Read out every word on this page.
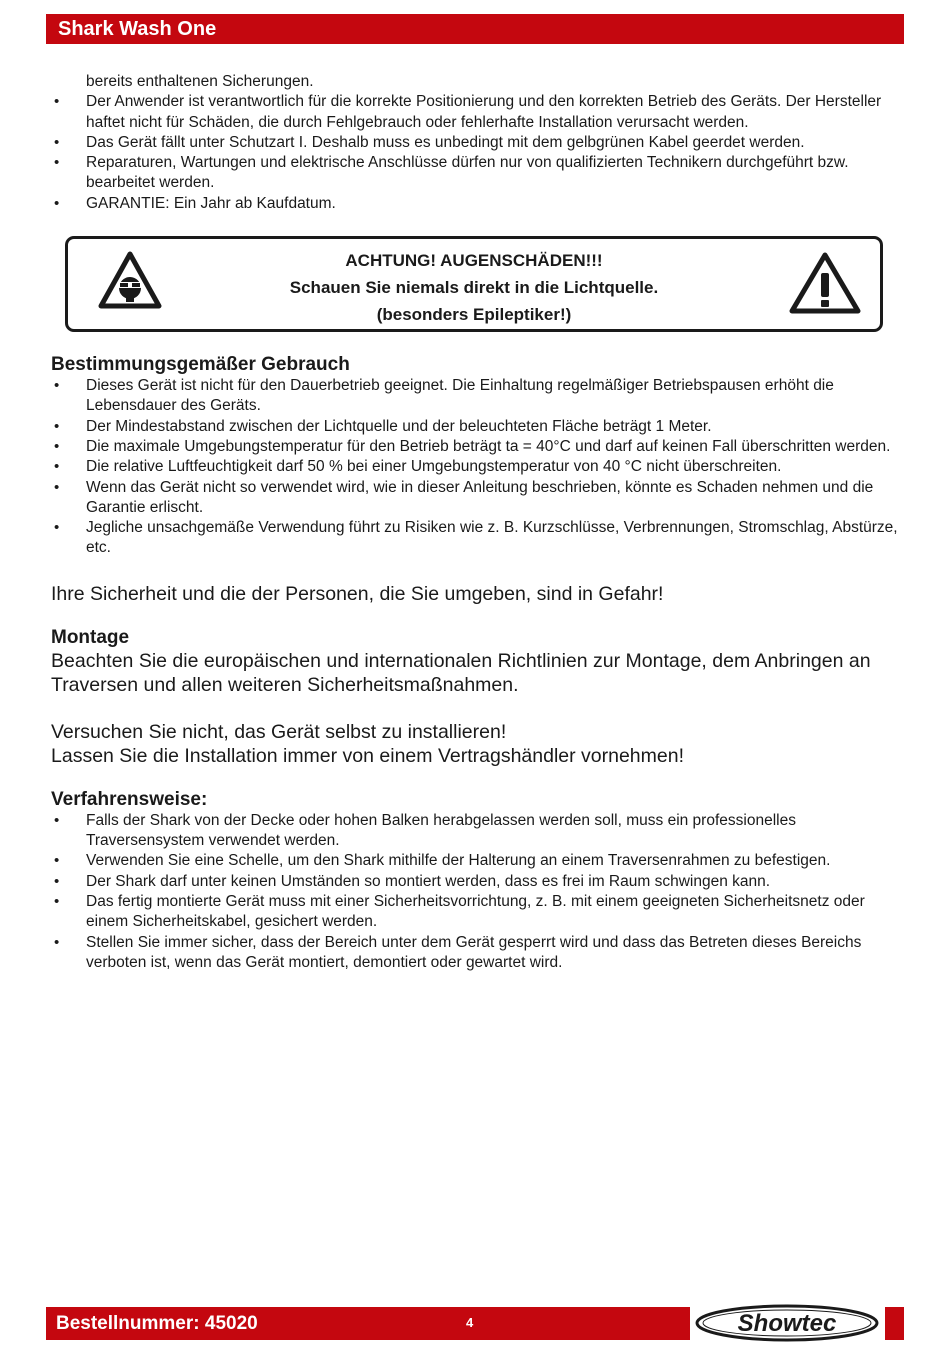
Shark Wash One
bereits enthaltenen Sicherungen.
• Der Anwender ist verantwortlich für die korrekte Positionierung und den korrekten Betrieb des Geräts. Der Hersteller haftet nicht für Schäden, die durch Fehlgebrauch oder fehlerhafte Installation verursacht werden.
• Das Gerät fällt unter Schutzart I. Deshalb muss es unbedingt mit dem gelbgrünen Kabel geerdet werden.
• Reparaturen, Wartungen und elektrische Anschlüsse dürfen nur von qualifizierten Technikern durchgeführt bzw. bearbeitet werden.
• GARANTIE: Ein Jahr ab Kaufdatum.
ACHTUNG! AUGENSCHÄDEN!!!
Schauen Sie niemals direkt in die Lichtquelle.
(besonders Epileptiker!)
Bestimmungsgemäßer Gebrauch
• Dieses Gerät ist nicht für den Dauerbetrieb geeignet. Die Einhaltung regelmäßiger Betriebspausen erhöht die Lebensdauer des Geräts.
• Der Mindestabstand zwischen der Lichtquelle und der beleuchteten Fläche beträgt 1 Meter.
• Die maximale Umgebungstemperatur für den Betrieb beträgt ta = 40°C und darf auf keinen Fall überschritten werden.
• Die relative Luftfeuchtigkeit darf 50 % bei einer Umgebungstemperatur von 40 °C nicht überschreiten.
• Wenn das Gerät nicht so verwendet wird, wie in dieser Anleitung beschrieben, könnte es Schaden nehmen und die Garantie erlischt.
• Jegliche unsachgemäße Verwendung führt zu Risiken wie z. B. Kurzschlüsse, Verbrennungen, Stromschlag, Abstürze, etc.

Ihre Sicherheit und die der Personen, die Sie umgeben, sind in Gefahr!

Montage

Beachten Sie die europäischen und internationalen Richtlinien zur Montage, dem Anbringen an Traversen und allen weiteren Sicherheitsmaßnahmen.

Versuchen Sie nicht, das Gerät selbst zu installieren!

Lassen Sie die Installation immer von einem Vertragshändler vornehmen!

Verfahrensweise:
• Falls der Shark von der Decke oder hohen Balken herabgelassen werden soll, muss ein professionelles Traversensystem verwendet werden.
• Verwenden Sie eine Schelle, um den Shark mithilfe der Halterung an einem Traversenrahmen zu befestigen.
• Der Shark darf unter keinen Umständen so montiert werden, dass es frei im Raum schwingen kann.
• Das fertig montierte Gerät muss mit einer Sicherheitsvorrichtung, z. B. mit einem geeigneten Sicherheitsnetz oder einem Sicherheitskabel, gesichert werden.
• Stellen Sie immer sicher, dass der Bereich unter dem Gerät gesperrt wird und dass das Betreten dieses Bereichs verboten ist, wenn das Gerät montiert, demontiert oder gewartet wird.
Bestellnummer: 45020	4	Showtec
